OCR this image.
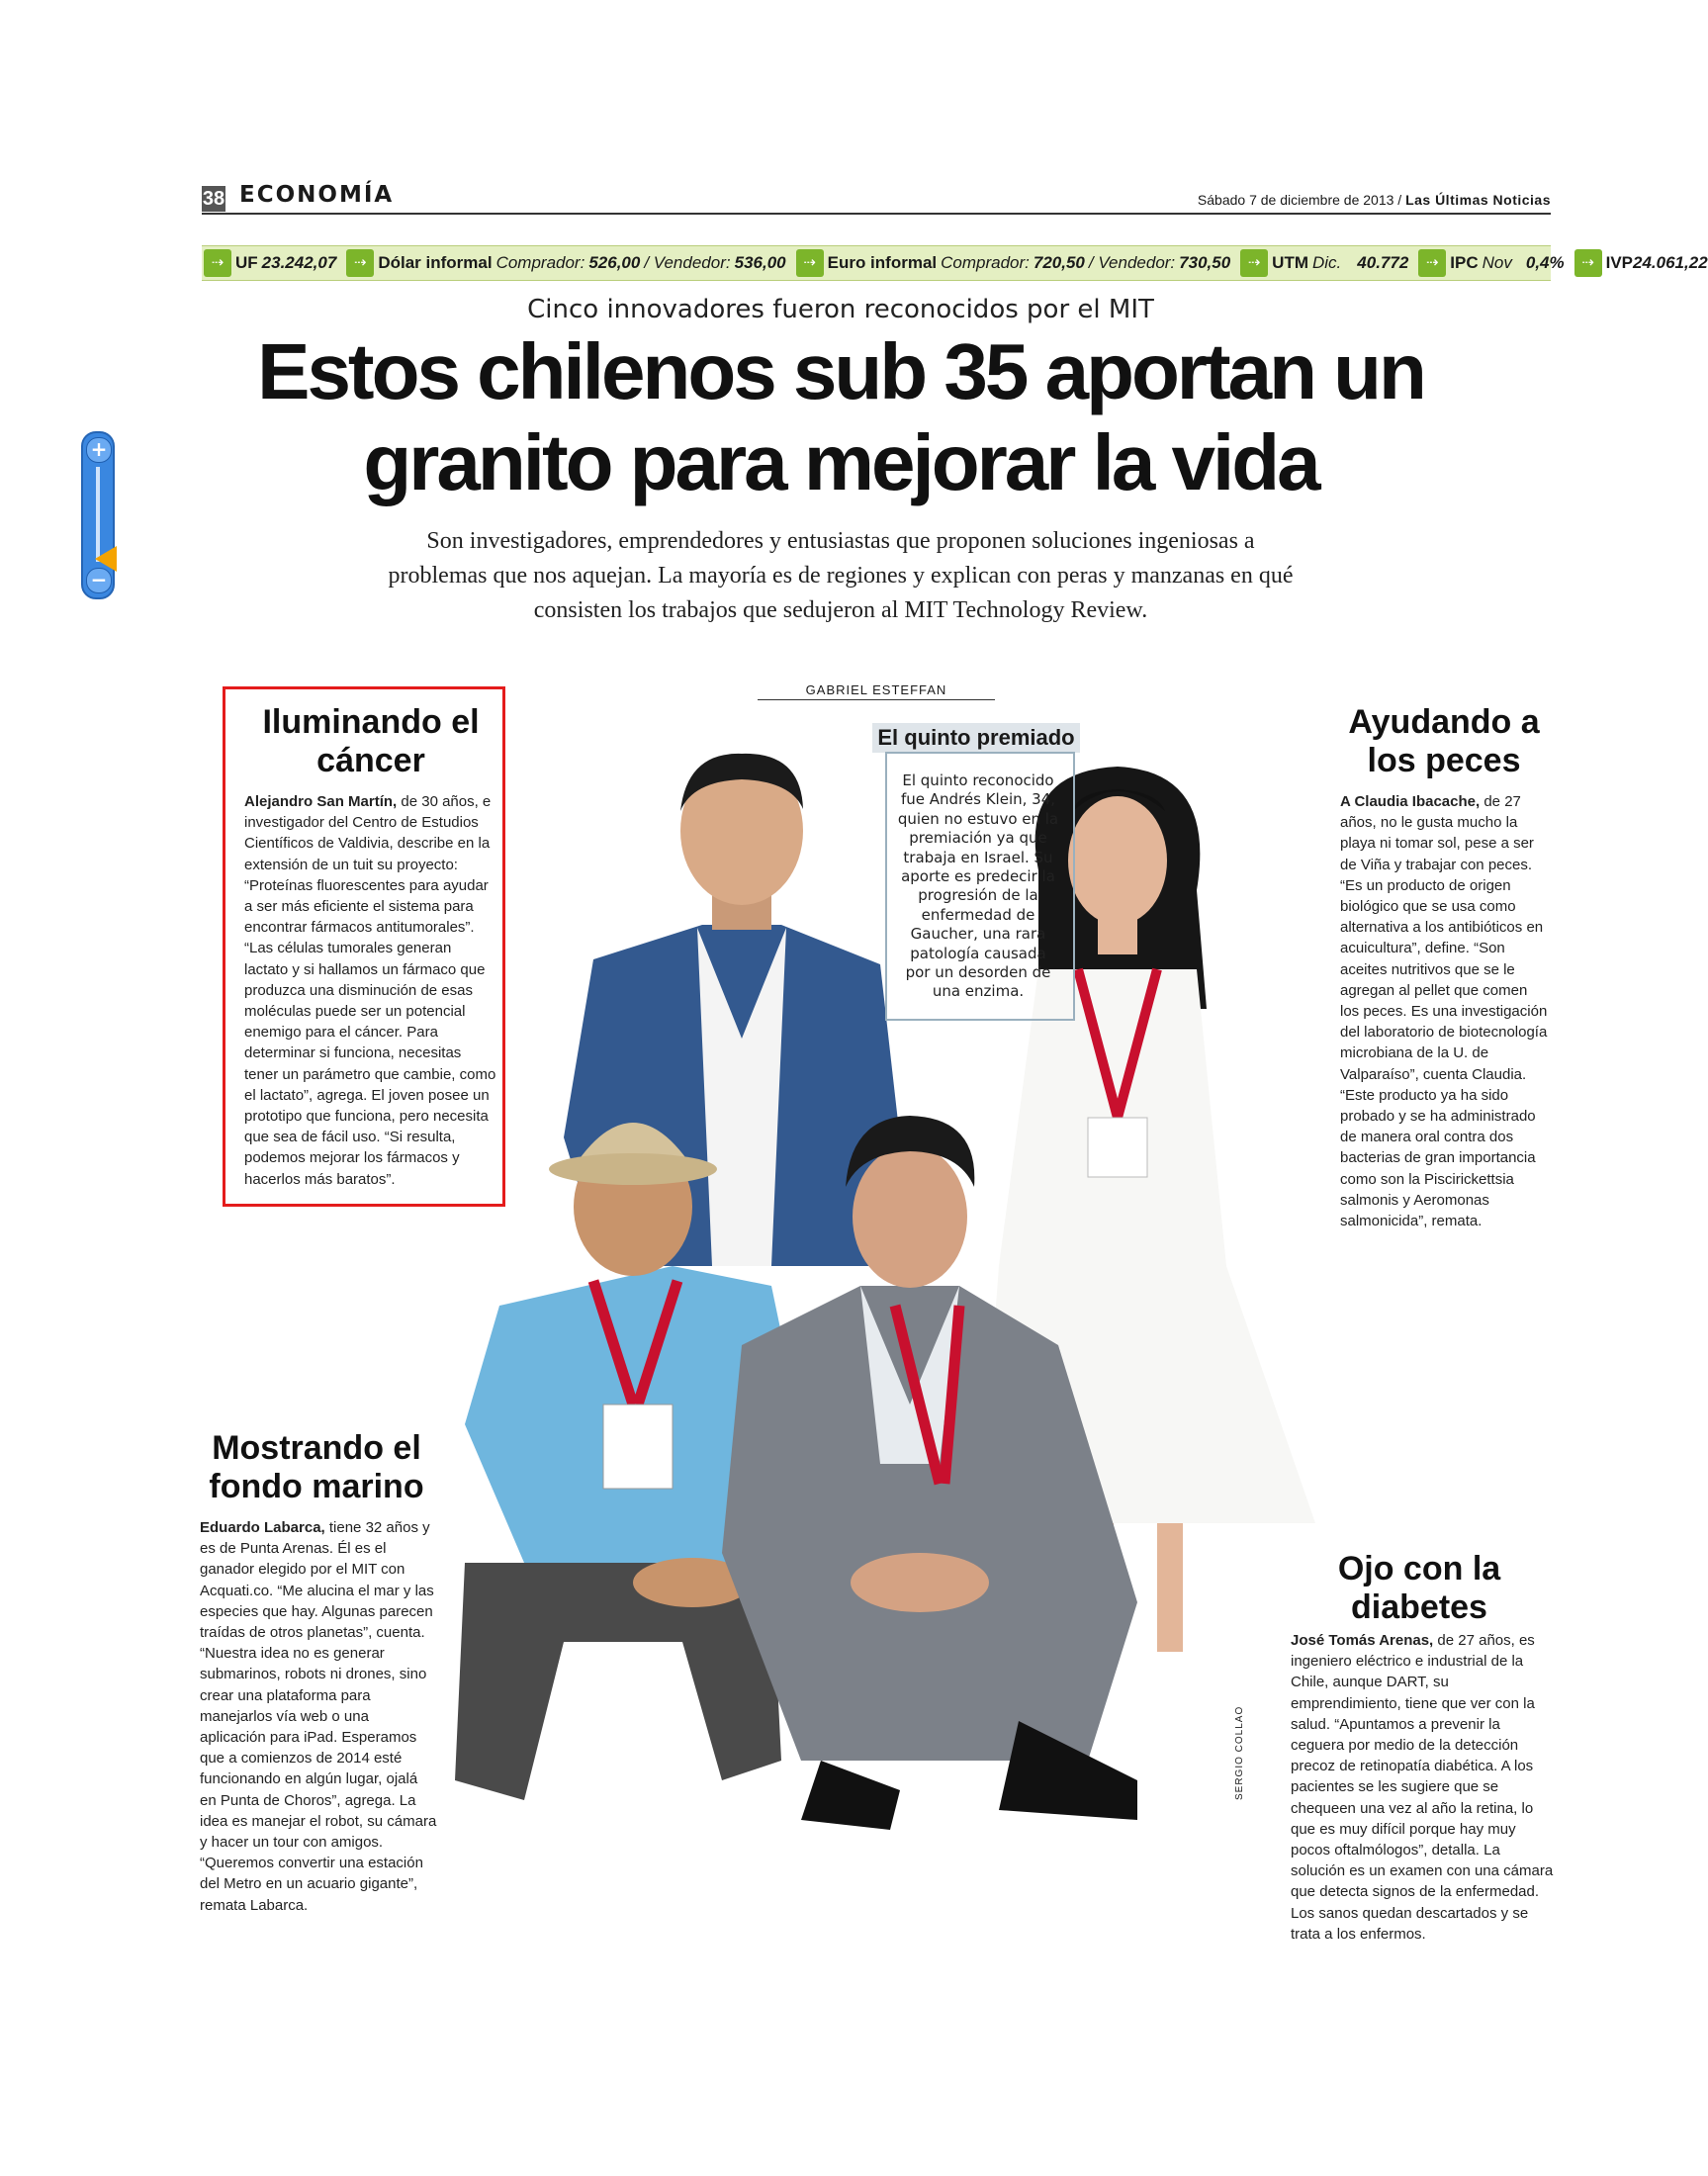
38 ECONOMÍA	Sábado 7 de diciembre de 2013 / Las Últimas Noticias
⇢ UF 23.242,07	⇢ Dólar informal Comprador: 526,00 / Vendedor: 536,00	⇢ Euro informal Comprador: 720,50 / Vendedor: 730,50	⇢ UTM Dic. 40.772	⇢ IPC Nov 0,4%	⇢ IVP 24.061,22
+
−
Cinco innovadores fueron reconocidos por el MIT
Estos chilenos sub 35 aportan un granito para mejorar la vida
Son investigadores, emprendedores y entusiastas que proponen soluciones ingeniosas a problemas que nos aquejan. La mayoría es de regiones y explican con peras y manzanas en qué consisten los trabajos que sedujeron al MIT Technology Review.
GABRIEL ESTEFFAN
Iluminando el cáncer
Alejandro San Martín, de 30 años, e investigador del Centro de Estudios Científicos de Valdivia, describe en la extensión de un tuit su proyecto: “Proteínas fluorescentes para ayudar a ser más eficiente el sistema para encontrar fármacos antitumorales”. “Las células tumorales generan lactato y si hallamos un fármaco que produzca una disminución de esas moléculas puede ser un potencial enemigo para el cáncer. Para determinar si funciona, necesitas tener un parámetro que cambie, como el lactato”, agrega. El joven posee un prototipo que funciona, pero necesita que sea de fácil uso. “Si resulta, podemos mejorar los fármacos y hacerlos más baratos”.
El quinto premiado
El quinto reconocido fue Andrés Klein, 34, quien no estuvo en la premiación ya que trabaja en Israel. Su aporte es predecir la progresión de la enfermedad de Gaucher, una rara patología causada por un desorden de una enzima.
Ayudando a los peces
A Claudia Ibacache, de 27 años, no le gusta mucho la playa ni tomar sol, pese a ser de Viña y trabajar con peces. “Es un producto de origen biológico que se usa como alternativa a los antibióticos en acuicultura”, define. “Son aceites nutritivos que se le agregan al pellet que comen los peces. Es una investigación del laboratorio de biotecnología microbiana de la U. de Valparaíso”, cuenta Claudia. “Este producto ya ha sido probado y se ha administrado de manera oral contra dos bacterias de gran importancia como son la Piscirickettsia salmonis y Aeromonas salmonicida”, remata.
Mostrando el fondo marino
Eduardo Labarca, tiene 32 años y es de Punta Arenas. Él es el ganador elegido por el MIT con Acquati.co. “Me alucina el mar y las especies que hay. Algunas parecen traídas de otros planetas”, cuenta. “Nuestra idea no es generar submarinos, robots ni drones, sino crear una plataforma para manejarlos vía web o una aplicación para iPad. Esperamos que a comienzos de 2014 esté funcionando en algún lugar, ojalá en Punta de Choros”, agrega. La idea es manejar el robot, su cámara y hacer un tour con amigos. “Queremos convertir una estación del Metro en un acuario gigante”, remata Labarca.
Ojo con la diabetes
José Tomás Arenas, de 27 años, es ingeniero eléctrico e industrial de la Chile, aunque DART, su emprendimiento, tiene que ver con la salud. “Apuntamos a prevenir la ceguera por medio de la detección precoz de retinopatía diabética. A los pacientes se les sugiere que se chequeen una vez al año la retina, lo que es muy difícil porque hay muy pocos oftalmólogos”, detalla. La solución es un examen con una cámara que detecta signos de la enfermedad. Los sanos quedan descartados y se trata a los enfermos.
SERGIO COLLAO
